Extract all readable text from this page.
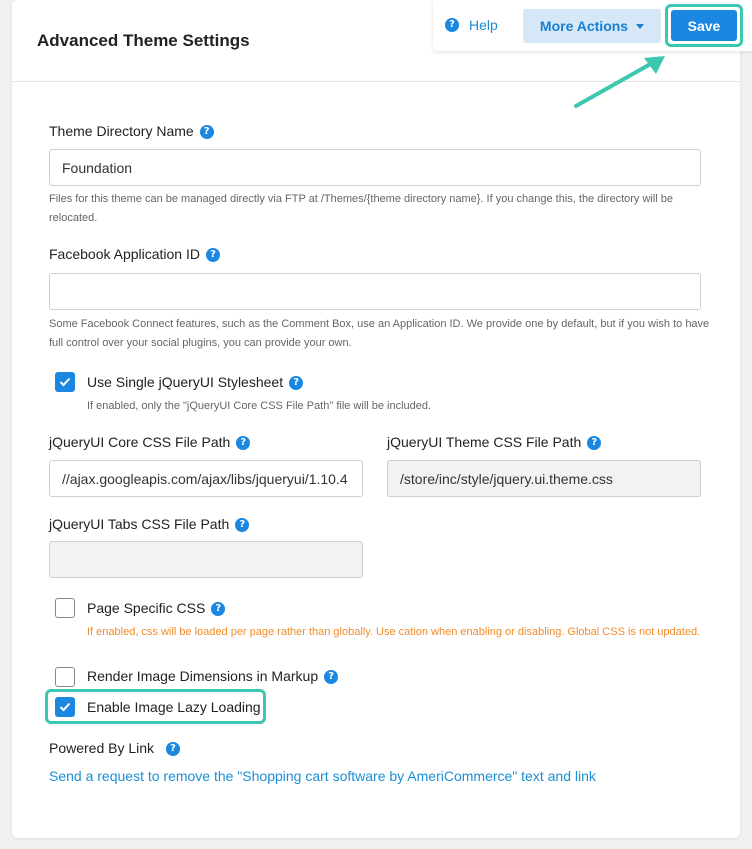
Advanced Theme Settings
? Help	More Actions	Save
Theme Directory Name ?
Foundation
Files for this theme can be managed directly via FTP at /Themes/{theme directory name}. If you change this, the directory will be relocated.
Facebook Application ID ?
Some Facebook Connect features, such as the Comment Box, use an Application ID. We provide one by default, but if you wish to have full control over your social plugins, you can provide your own.
Use Single jQueryUI Stylesheet ?
If enabled, only the "jQueryUI Core CSS File Path" file will be included.
jQueryUI Core CSS File Path ?
//ajax.googleapis.com/ajax/libs/jqueryui/1.10.4
jQueryUI Theme CSS File Path ?
/store/inc/style/jquery.ui.theme.css
jQueryUI Tabs CSS File Path ?
Page Specific CSS ?
If enabled, css will be loaded per page rather than globally. Use cation when enabling or disabling. Global CSS is not updated.
Render Image Dimensions in Markup ?
Enable Image Lazy Loading
Powered By Link ?
Send a request to remove the "Shopping cart software by AmeriCommerce" text and link
